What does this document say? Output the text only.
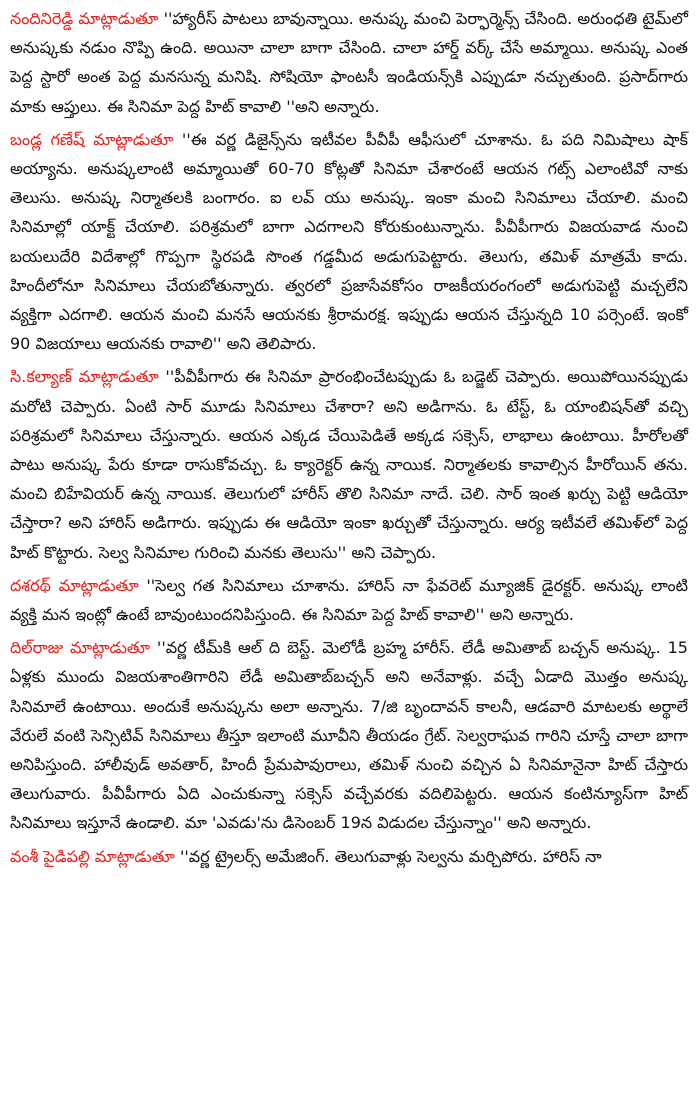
నందినిరెడ్డి మాట్లాడుతూ ''హ్యారీస్ పాటలు బావున్నాయి. అనుష్క మంచి పెర్ఫార్మెన్స్ చేసింది. అరుంధతి టైమ్‌లో అనుష్కకు నడుం నొప్పి ఉంది. అయినా చాలా బాగా చేసింది. చాలా హార్డ్ వర్క్ చేసే అమ్మాయి. అనుష్క ఎంత పెద్ద స్టారో అంత పెద్ద మనసున్న మనిషి. సోషియో ఫాంటసీ ఇండియన్స్‌కి ఎప్పుడూ నచ్చుతుంది. ప్రసాద్‌గారు మాకు ఆప్తులు. ఈ సినిమా పెద్ద హిట్ కావాలి ''అని అన్నారు.

బండ్ల గణేష్ మాట్లాడుతూ ''ఈ వర్ణ డిజైన్స్‌ను ఇటీవల పీవీపీ ఆఫీసులో చూశాను. ఓ పది నిమిషాలు షాక్ అయ్యాను. అనుష్కలాంటి అమ్మాయితో 60-70 కోట్లతో సినిమా చేశారంటే ఆయన గట్స్ ఎలాంటివో నాకు తెలుసు. అనుష్క నిర్మాతలకి బంగారం. ఐ లవ్ యు అనుష్క. ఇంకా మంచి సినిమాలు చేయాలి. మంచి సినిమాల్లో యాక్ట్ చేయాలి. పరిశ్రమలో బాగా ఎదగాలని కోరుకుంటున్నాను. పీవీపీగారు విజయవాడ నుంచి బయలుదేరి విదేశాల్లో గొప్పగా స్థిరపడి సొంత గడ్డమీద అడుగుపెట్టారు. తెలుగు, తమిళ్ మాత్రమే కాదు. హిందీలోనూ సినిమాలు చేయబోతున్నారు. త్వరలో ప్రజాసేవకోసం రాజకీయరంగంలో అడుగుపెట్టి మచ్చలేని వ్యక్తిగా ఎదగాలి. ఆయన మంచి మనసే ఆయనకు శ్రీరామరక్ష. ఇప్పుడు ఆయన చేస్తున్నది 10 పర్సెంటే. ఇంకో 90 విజయాలు ఆయనకు రావాలి'' అని తెలిపారు.

సి.కల్యాణ్ మాట్లాడుతూ ''పీవీపీగారు ఈ సినిమా ప్రారంభించేటప్పుడు ఓ బడ్జెట్ చెప్పారు. అయిపోయినప్పుడు మరోటి చెప్పారు. ఏంటి సార్ మూడు సినిమాలు చేశారా? అని అడిగాను. ఓ టేస్ట్, ఓ యాంబిషన్‌తో వచ్చి పరిశ్రమలో సినిమాలు చేస్తున్నారు. ఆయన ఎక్కడ చేయిపెడితే అక్కడ సక్సెస్, లాభాలు ఉంటాయి. హీరోలతో పాటు అనుష్క పేరు కూడా రాసుకోవచ్చు. ఓ క్యారెక్టర్ ఉన్న నాయిక. నిర్మాతలకు కావాల్సిన హీరోయిన్ తను. మంచి బిహేవియర్ ఉన్న నాయిక. తెలుగులో హారీస్ తొలి సినిమా నాదే. చెలి. సార్ ఇంత ఖర్చు పెట్టి ఆడియో చేస్తారా? అని హారిస్ అడిగారు. ఇప్పుడు ఈ ఆడియో ఇంకా ఖర్చుతో చేస్తున్నారు. ఆర్య ఇటీవలే తమిళ్‌లో పెద్ద హిట్ కొట్టారు. సెల్వ సినిమాల గురించి మనకు తెలుసు'' అని చెప్పారు.

దశరథ్ మాట్లాడుతూ ''సెల్వ గత సినిమాలు చూశాను. హారిస్ నా ఫేవరెట్ మ్యూజిక్ డైరక్టర్. అనుష్క లాంటి వ్యక్తి మన ఇంట్లో ఉంటే బావుంటుందనిపిస్తుంది. ఈ సినిమా పెద్ద హిట్ కావాలి'' అని అన్నారు.

దిల్‌రాజు మాట్లాడుతూ ''వర్ణ టీమ్‌కి ఆల్ ది బెస్ట్. మెలోడీ బ్రహ్మ హారీస్. లేడీ అమితాబ్ బచ్చన్ అనుష్క. 15 ఏళ్లకు ముందు విజయశాంతిగారిని లేడీ అమితాబ్‌బచ్చన్ అని అనేవాళ్లు. వచ్చే ఏడాది మొత్తం అనుష్క సినిమాలే ఉంటాయి. అందుకే అనుష్కను అలా అన్నాను. 7/జి బృందావన్ కాలనీ, ఆడవారి మాటలకు అర్థాలే వేరులే వంటి సెన్సిటివ్ సినిమాలు తీస్తూ ఇలాంటి మూవీని తీయడం గ్రేట్. సెల్వరాఘవ గారిని చూస్తే చాలా బాగా అనిపిస్తుంది. హాలీవుడ్ అవతార్, హిందీ ప్రేమపావురాలు, తమిళ్ నుంచి వచ్చిన ఏ సినిమానైనా హిట్ చేస్తారు తెలుగువారు. పీవీపీగారు ఏది ఎంచుకున్నా సక్సెస్ వచ్చేవరకు వదిలిపెట్టరు. ఆయన కంటిన్యూస్‌గా హిట్ సినిమాలు ఇస్తూనే ఉండాలి. మా 'ఎవడు'ను డిసెంబర్ 19న విడుదల చేస్తున్నాం'' అని అన్నారు.

వంశీ పైడిపల్లి మాట్లాడుతూ ''వర్ణ ట్రైలర్స్ అమేజింగ్. తెలుగువాళ్లు సెల్వను మర్చిపోరు. హారిస్ నా
